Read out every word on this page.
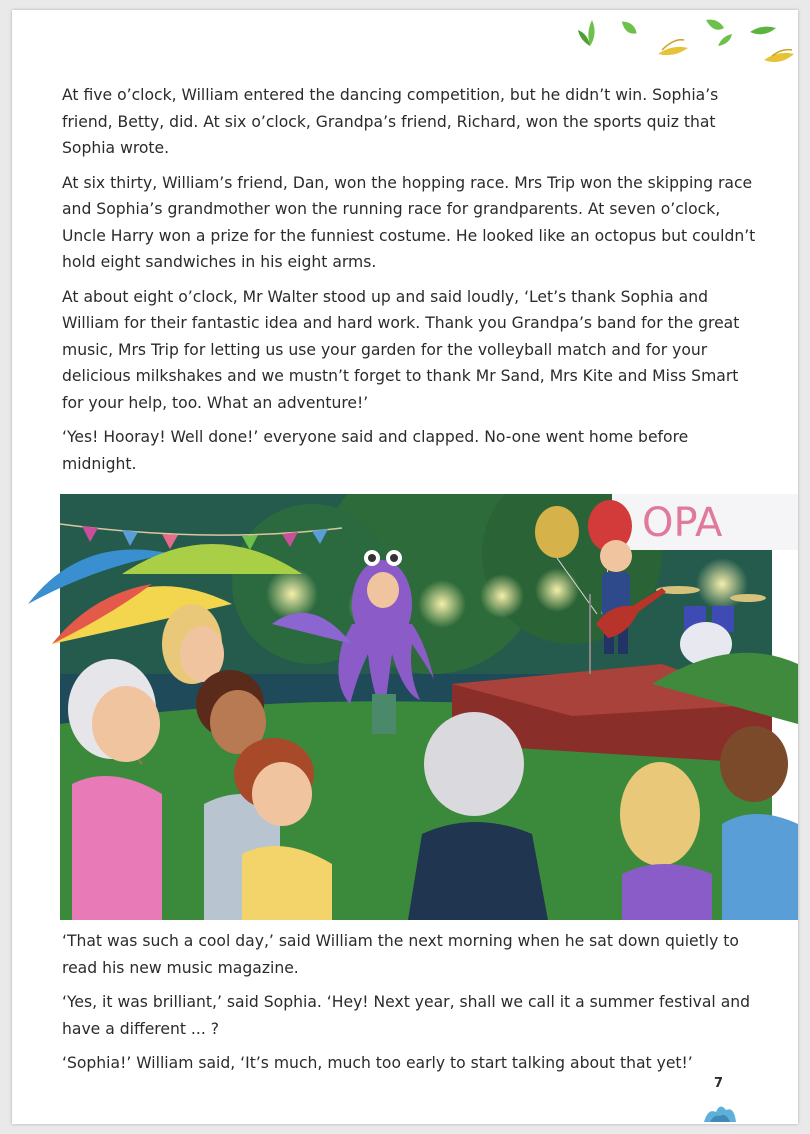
At five o’clock, William entered the dancing competition, but he didn’t win. Sophia’s friend, Betty, did. At six o’clock, Grandpa’s friend, Richard, won the sports quiz that Sophia wrote.

At six thirty, William’s friend, Dan, won the hopping race. Mrs Trip won the skipping race and Sophia’s grandmother won the running race for grandparents. At seven o’clock, Uncle Harry won a prize for the funniest costume. He looked like an octopus but couldn’t hold eight sandwiches in his eight arms.

At about eight o’clock, Mr Walter stood up and said loudly, ‘Let’s thank Sophia and William for their fantastic idea and hard work. Thank you Grandpa’s band for the great music, Mrs Trip for letting us use your garden for the volleyball match and for your delicious milkshakes and we mustn’t forget to thank Mr Sand, Mrs Kite and Miss Smart for your help, too. What an adventure!’

‘Yes! Hooray! Well done!’ everyone said and clapped. No-one went home before midnight.

OPA

‘That was such a cool day,’ said William the next morning when he sat down quietly to read his new music magazine.

‘Yes, it was brilliant,’ said Sophia. ‘Hey! Next year, shall we call it a summer festival and have a different ... ?

‘Sophia!’ William said, ‘It’s much, much too early to start talking about that yet!’

7
